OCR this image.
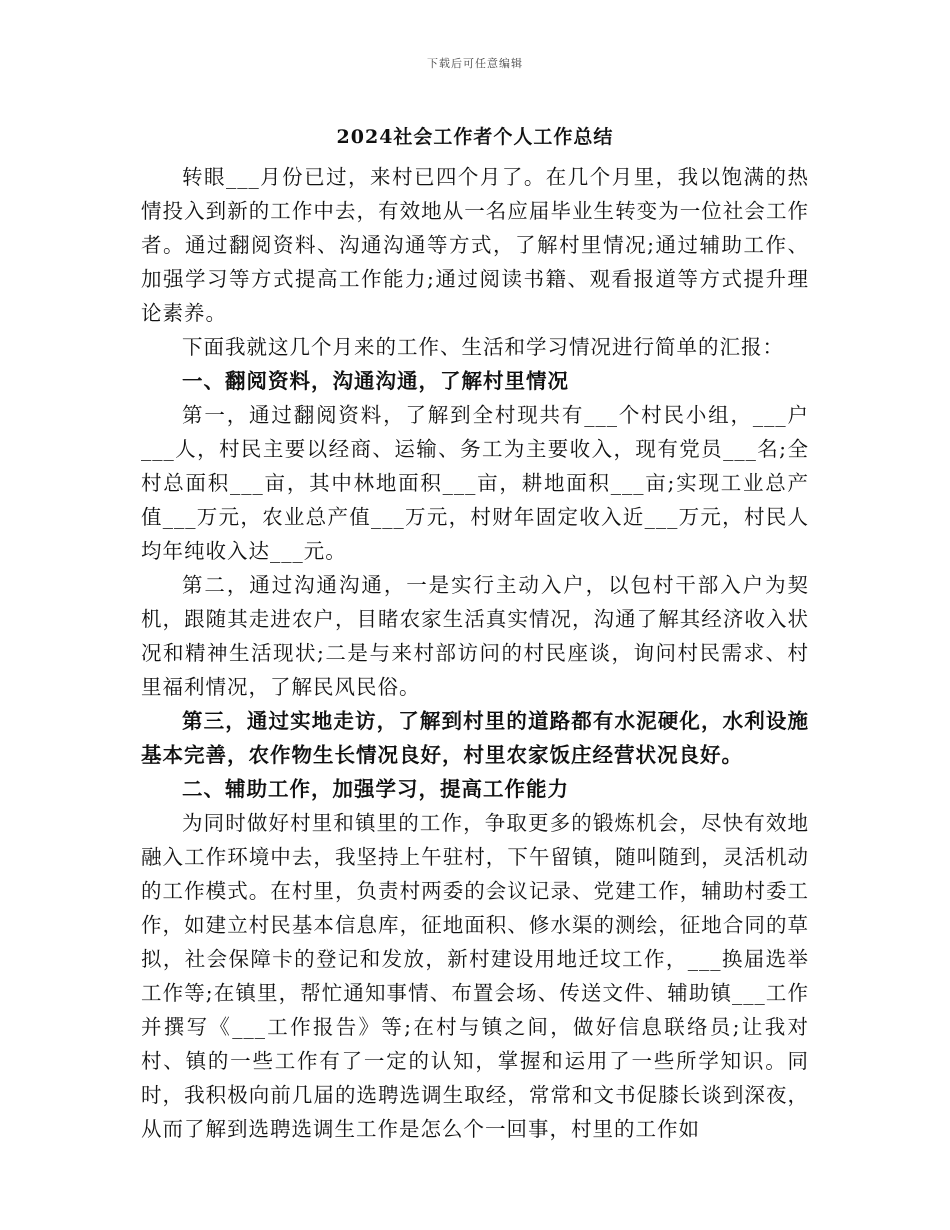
下载后可任意编辑
2024社会工作者个人工作总结

转眼___月份已过，来村已四个月了。在几个月里，我以饱满的热情投入到新的工作中去，有效地从一名应届毕业生转变为一位社会工作者。通过翻阅资料、沟通沟通等方式，了解村里情况;通过辅助工作、加强学习等方式提高工作能力;通过阅读书籍、观看报道等方式提升理论素养。

下面我就这几个月来的工作、生活和学习情况进行简单的汇报：

一、翻阅资料，沟通沟通，了解村里情况

第一，通过翻阅资料，了解到全村现共有___个村民小组，___户___人，村民主要以经商、运输、务工为主要收入，现有党员___名;全村总面积___亩，其中林地面积___亩，耕地面积___亩;实现工业总产值___万元，农业总产值___万元，村财年固定收入近___万元，村民人均年纯收入达___元。

第二，通过沟通沟通，一是实行主动入户，以包村干部入户为契机，跟随其走进农户，目睹农家生活真实情况，沟通了解其经济收入状况和精神生活现状;二是与来村部访问的村民座谈，询问村民需求、村里福利情况，了解民风民俗。

第三，通过实地走访，了解到村里的道路都有水泥硬化，水利设施基本完善，农作物生长情况良好，村里农家饭庄经营状况良好。

二、辅助工作，加强学习，提高工作能力

为同时做好村里和镇里的工作，争取更多的锻炼机会，尽快有效地融入工作环境中去，我坚持上午驻村，下午留镇，随叫随到，灵活机动的工作模式。在村里，负责村两委的会议记录、党建工作，辅助村委工作，如建立村民基本信息库，征地面积、修水渠的测绘，征地合同的草拟，社会保障卡的登记和发放，新村建设用地迁坟工作，___换届选举工作等;在镇里，帮忙通知事情、布置会场、传送文件、辅助镇___工作并撰写《___工作报告》等;在村与镇之间，做好信息联络员;让我对村、镇的一些工作有了一定的认知，掌握和运用了一些所学知识。同时，我积极向前几届的选聘选调生取经，常常和文书促膝长谈到深夜，从而了解到选聘选调生工作是怎么个一回事，村里的工作如
